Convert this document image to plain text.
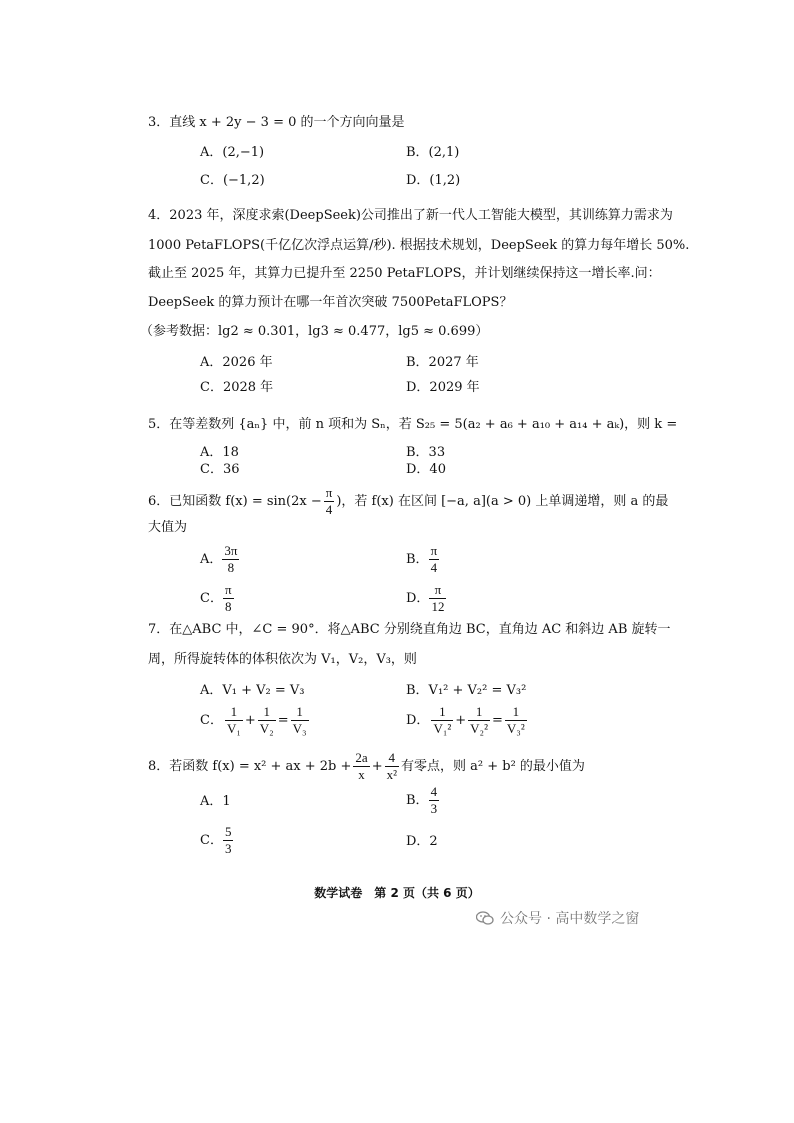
3．直线 x + 2y − 3 = 0 的一个方向向量是
A．(2,−1)	B．(2,1)
C．(−1,2)	D．(1,2)
4．2023 年，深度求索(DeepSeek)公司推出了新一代人工智能大模型，其训练算力需求为
1000 PetaFLOPS(千亿亿次浮点运算/秒). 根据技术规划，DeepSeek 的算力每年增长 50%.
截止至 2025 年，其算力已提升至 2250 PetaFLOPS，并计划继续保持这一增长率.问：
DeepSeek 的算力预计在哪一年首次突破 7500PetaFLOPS？
（参考数据：lg2 ≈ 0.301，lg3 ≈ 0.477，lg5 ≈ 0.699）
A．2026 年	B．2027 年
C．2028 年	D．2029 年
5．在等差数列 {aₙ} 中，前 n 项和为 Sₙ，若 S₂₅ = 5(a₂ + a₆ + a₁₀ + a₁₄ + aₖ)，则 k =
A．18	B．33
C．36	D．40
6．已知函数 $f(x) = \sin(2x - \frac{\pi}{4}$ )，若 f(x) 在区间 [−a, a](a > 0) 上单调递增，则 a 的最
大值为
A． $\frac{3\pi}{8}$	B． $\frac{\pi}{4}$
C． $\frac{\pi}{8}$	D． $\frac{\pi}{12}$
7．在△ABC 中，∠C = 90°．将△ABC 分别绕直角边 BC，直角边 AC 和斜边 AB 旋转一
周，所得旋转体的体积依次为 V₁，V₂，V₃，则
A．V₁ + V₂ = V₃	B．V₁² + V₂² = V₃²
C． $\frac{1}{\text{V₁}} + \frac{1}{\text{V₂}} = \frac{1}{\text{V₃}}$	D． $\frac{1}{\text{V₁²}} + \frac{1}{\text{V₂²}} = \frac{1}{\text{V₃²}}$
8．若函数 f(x) = x² + ax + $2b + \frac{2a}{x} + \frac{4}{\text{x²}}$ 有零点，则 a² + b² 的最小值为
A．1	B． $\frac{4}{3}$
C． $\frac{5}{3}$	D．2
数学试卷　第 2 页（共 6 页）
公众号 · 高中数学之窗
